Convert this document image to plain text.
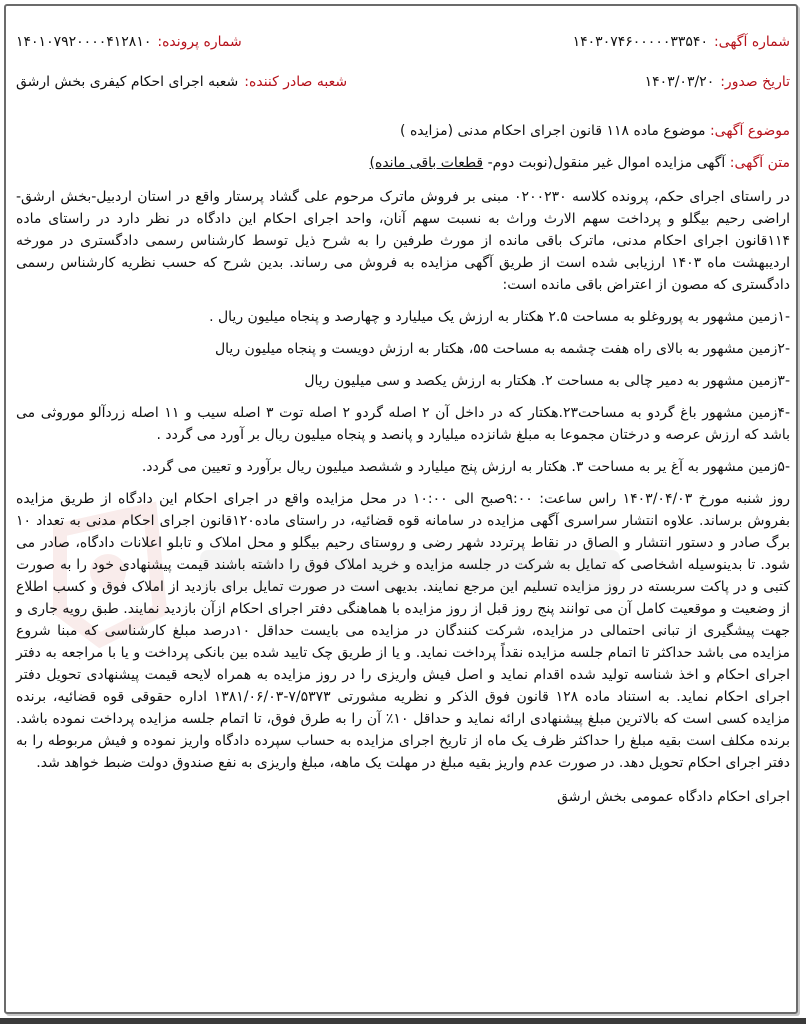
شماره آگهی:
۱۴۰۳۰۷۴۶۰۰۰۰۰۳۳۵۴۰
شماره پرونده:
۱۴۰۱۰۷۹۲۰۰۰۰۴۱۲۸۱۰
تاریخ صدور:
۱۴۰۳/۰۳/۲۰
شعبه صادر کننده:
شعبه اجرای احکام کیفری بخش ارشق
موضوع آگهی: موضوع ماده ۱۱۸ قانون اجرای احکام مدنی (مزایده )
متن آگهی: آگهی مزایده اموال غیر منقول(نوبت دوم- قطعات باقی مانده)

در راستای اجرای حکم، پرونده کلاسه ۰۲۰۰۲۳۰ مبنی بر فروش ماترک مرحوم علی گشاد پرستار واقع در استان اردبیل-بخش ارشق-اراضی رحیم بیگلو و پرداخت سهم الارث وراث به نسبت سهم آنان، واحد اجرای احکام این دادگاه در نظر دارد در راستای ماده ۱۱۴قانون اجرای احکام مدنی، ماترک باقی مانده از مورث طرفین را به شرح ذیل توسط کارشناس رسمی دادگستری در مورخه اردیبهشت ماه ۱۴۰۳ ارزیابی شده است از طریق آگهی مزایده به فروش می رساند. بدین شرح که حسب نظریه کارشناس رسمی دادگستری که مصون از اعتراض باقی مانده است:

-۱زمین مشهور به پوروغلو به مساحت ۲.۵ هکتار به ارزش یک میلیارد و چهارصد و پنجاه میلیون ریال .

-۲زمین مشهور به بالای راه هفت چشمه به مساحت ۵۵، هکتار به ارزش دویست و پنجاه میلیون ریال

-۳زمین مشهور به دمیر چالی به مساحت ۲. هکتار به ارزش یکصد و سی میلیون ریال

-۴زمین مشهور باغ گردو به مساحت۲۳.هکتار که در داخل آن ۲ اصله گردو ۲ اصله توت ۳ اصله سیب و ۱۱ اصله زردآلو موروثی می باشد که ارزش عرصه و درختان مجموعا به مبلغ شانزده میلیارد و پانصد و پنجاه میلیون ریال بر آورد می گردد .

-۵زمین مشهور به آغ یر به مساحت ۳. هکتار به ارزش پنج میلیارد و ششصد میلیون ریال برآورد و تعیین می گردد.

روز شنبه مورخ ۱۴۰۳/۰۴/۰۳ راس ساعت: ۹:۰۰صبح الی ۱۰:۰۰ در محل مزایده واقع در اجرای احکام این دادگاه از طریق مزایده بفروش برساند. علاوه انتشار سراسری آگهی مزایده در سامانه قوه قضائیه، در راستای ماده۱۲۰قانون اجرای احکام مدنی به تعداد ۱۰ برگ صادر و دستور انتشار و الصاق در نقاط پرتردد شهر رضی و روستای رحیم بیگلو و محل املاک و تابلو اعلانات دادگاه، صادر می شود. تا بدینوسیله اشخاصی که تمایل به شرکت در جلسه مزایده و خرید املاک فوق را داشته باشند قیمت پیشنهادی خود را به صورت کتبی و در پاکت سربسته در روز مزایده تسلیم این مرجع نمایند. بدیهی است در صورت تمایل برای بازدید از املاک فوق و کسب اطلاع از وضعیت و موقعیت کامل آن می توانند پنج روز قبل از روز مزایده با هماهنگی دفتر اجرای احکام ازآن بازدید نمایند. طبق رویه جاری و جهت پیشگیری از تبانی احتمالی در مزایده، شرکت کنندگان در مزایده می بایست حداقل ۱۰درصد مبلغ کارشناسی که مبنا شروع مزایده می باشد حداکثر تا اتمام جلسه مزایده نقداً پرداخت نماید. و یا از طریق چک تایید شده بین بانکی پرداخت و یا با مراجعه به دفتر اجرای احکام و اخذ شناسه تولید شده اقدام نماید و اصل فیش واریزی را در روز مزایده به همراه لایحه قیمت پیشنهادی تحویل دفتر اجرای احکام نماید. به استناد ماده ۱۲۸ قانون فوق الذکر و نظریه مشورتی ۷/۵۳۷۳-۱۳۸۱/۰۶/۰۳ اداره حقوقی قوه قضائیه، برنده مزایده کسی است که بالاترین مبلغ پیشنهادی ارائه نماید و حداقل ۱۰٪ آن را به طرق فوق، تا اتمام جلسه مزایده پرداخت نموده باشد. برنده مکلف است بقیه مبلغ را حداکثر ظرف یک ماه از تاریخ اجرای مزایده به حساب سپرده دادگاه واریز نموده و فیش مربوطه را به دفتر اجرای احکام تحویل دهد. در صورت عدم واریز بقیه مبلغ در مهلت یک ماهه، مبلغ واریزی به نفع صندوق دولت ضبط خواهد شد.

اجرای احکام دادگاه عمومی بخش ارشق
